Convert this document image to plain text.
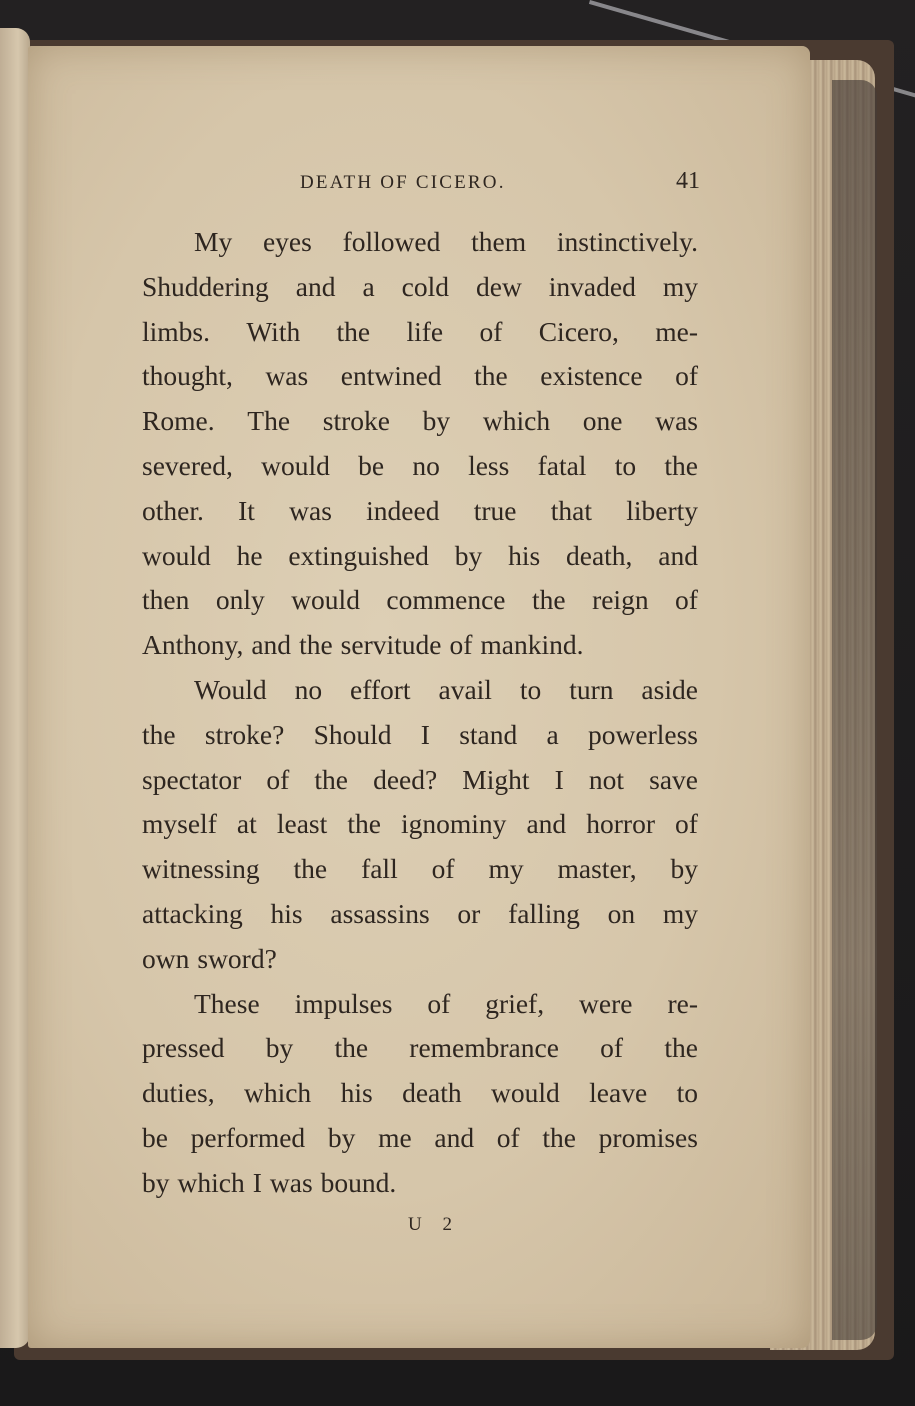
DEATH OF CICERO.	41
My eyes followed them instinctively.
Shuddering and a cold dew invaded my
limbs. With the life of Cicero, me-
thought, was entwined the existence of
Rome. The stroke by which one was
severed, would be no less fatal to the
other. It was indeed true that liberty
would he extinguished by his death, and
then only would commence the reign of
Anthony, and the servitude of mankind.
Would no effort avail to turn aside
the stroke? Should I stand a powerless
spectator of the deed? Might I not save
myself at least the ignominy and horror of
witnessing the fall of my master, by
attacking his assassins or falling on my
own sword?
These impulses of grief, were re-
pressed by the remembrance of the
duties, which his death would leave to
be performed by me and of the promises
by which I was bound.
U 2
